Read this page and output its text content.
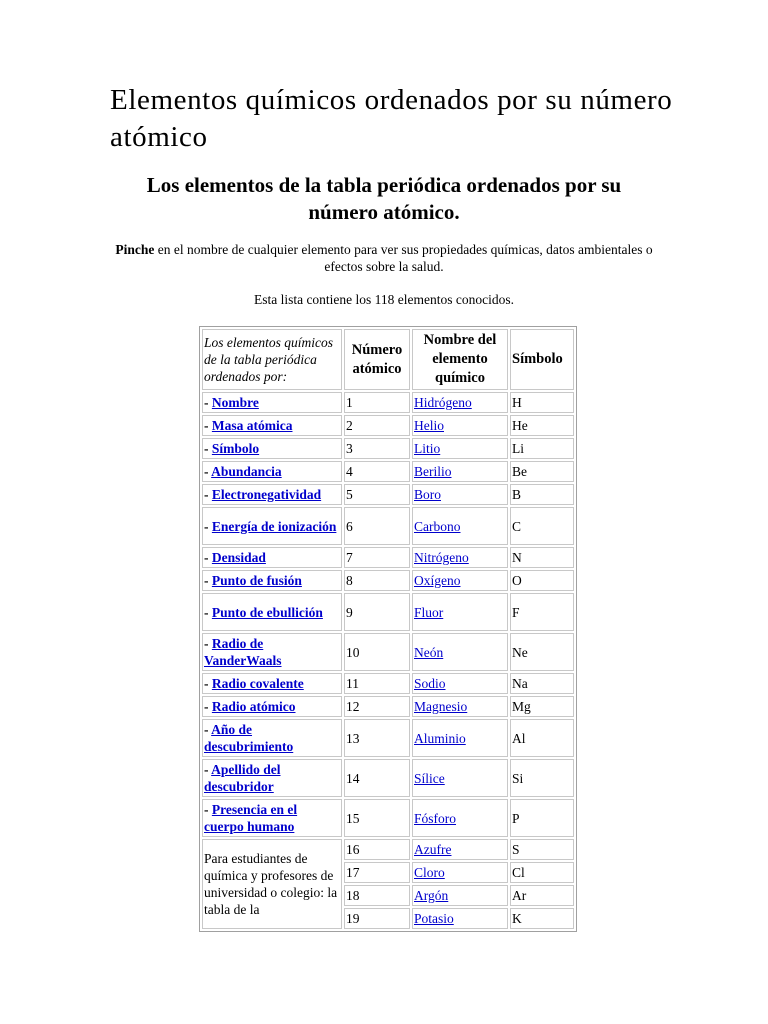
Elementos químicos ordenados por su número atómico
Los elementos de la tabla periódica ordenados por su número atómico.

Pinche en el nombre de cualquier elemento para ver sus propiedades químicas, datos ambientales o efectos sobre la salud.

Esta lista contiene los 118 elementos conocidos.

Los elementos químicos de la tabla periódica ordenados por:	Número atómico	Nombre del elemento químico	Símbolo
- Nombre	1	Hidrógeno	H
- Masa atómica	2	Helio	He
- Símbolo	3	Litio	Li
- Abundancia	4	Berilio	Be
- Electronegatividad	5	Boro	B
- Energía de ionización	6	Carbono	C
- Densidad	7	Nitrógeno	N
- Punto de fusión	8	Oxígeno	O
- Punto de ebullición	9	Fluor	F
- Radio de VanderWaals	10	Neón	Ne
- Radio covalente	11	Sodio	Na
- Radio atómico	12	Magnesio	Mg
- Año de descubrimiento	13	Aluminio	Al
- Apellido del descubridor	14	Sílice	Si
- Presencia en el cuerpo humano	15	Fósforo	P
Para estudiantes de química y profesores de universidad o colegio: la tabla de la	16	Azufre	S
	17	Cloro	Cl
	18	Argón	Ar
	19	Potasio	K
